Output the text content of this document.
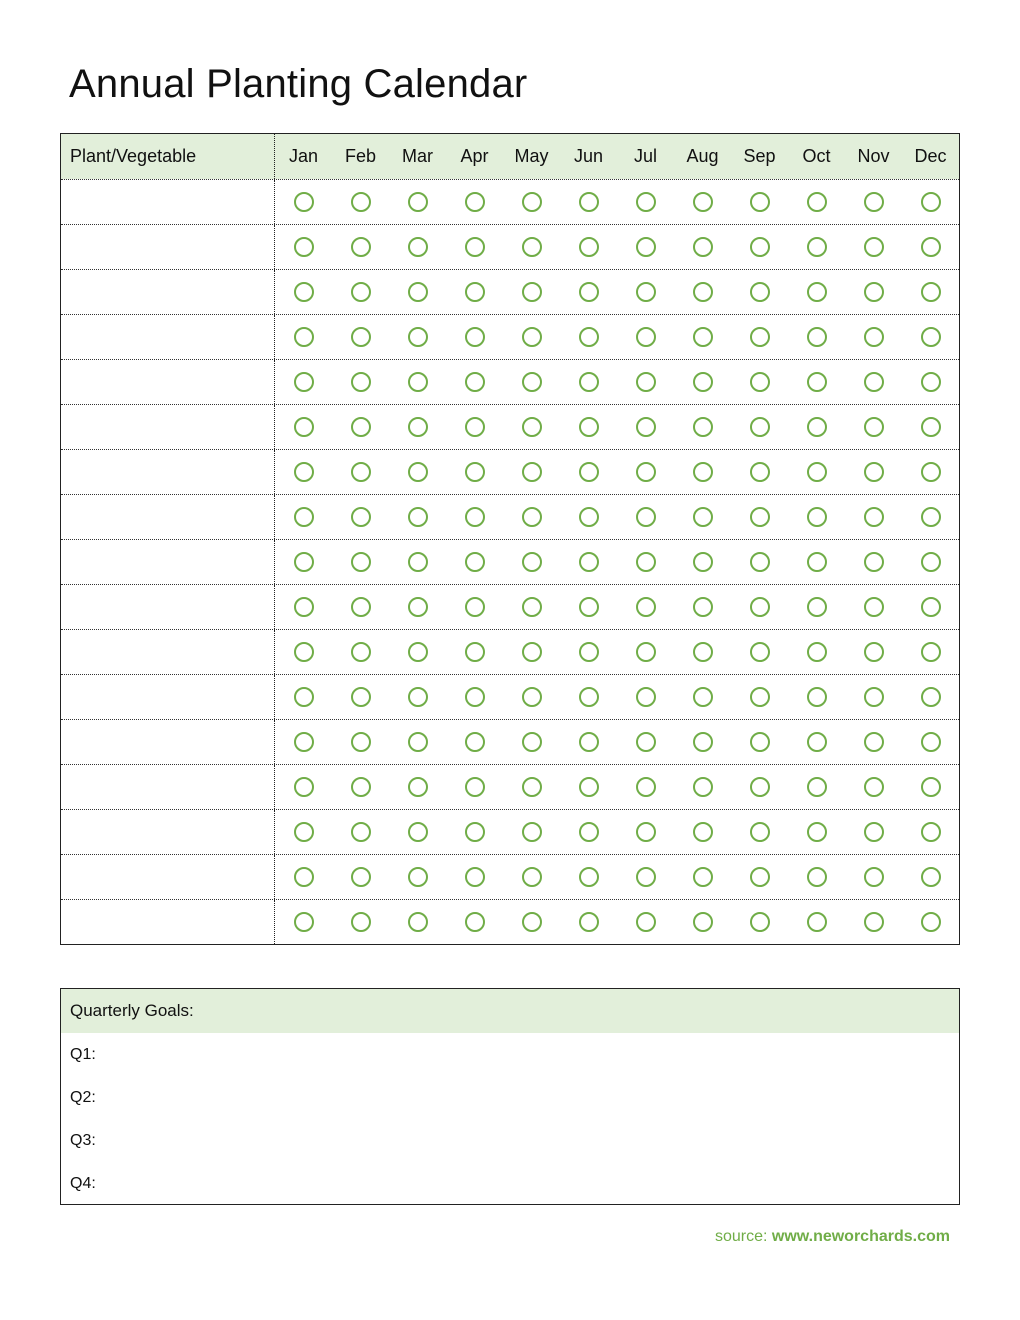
Annual Planting Calendar
Plant/Vegetable	Jan	Feb	Mar	Apr	May	Jun	Jul	Aug	Sep	Oct	Nov	Dec
Quarterly Goals:
Q1:
Q2:
Q3:
Q4:
source: www.neworchards.com
